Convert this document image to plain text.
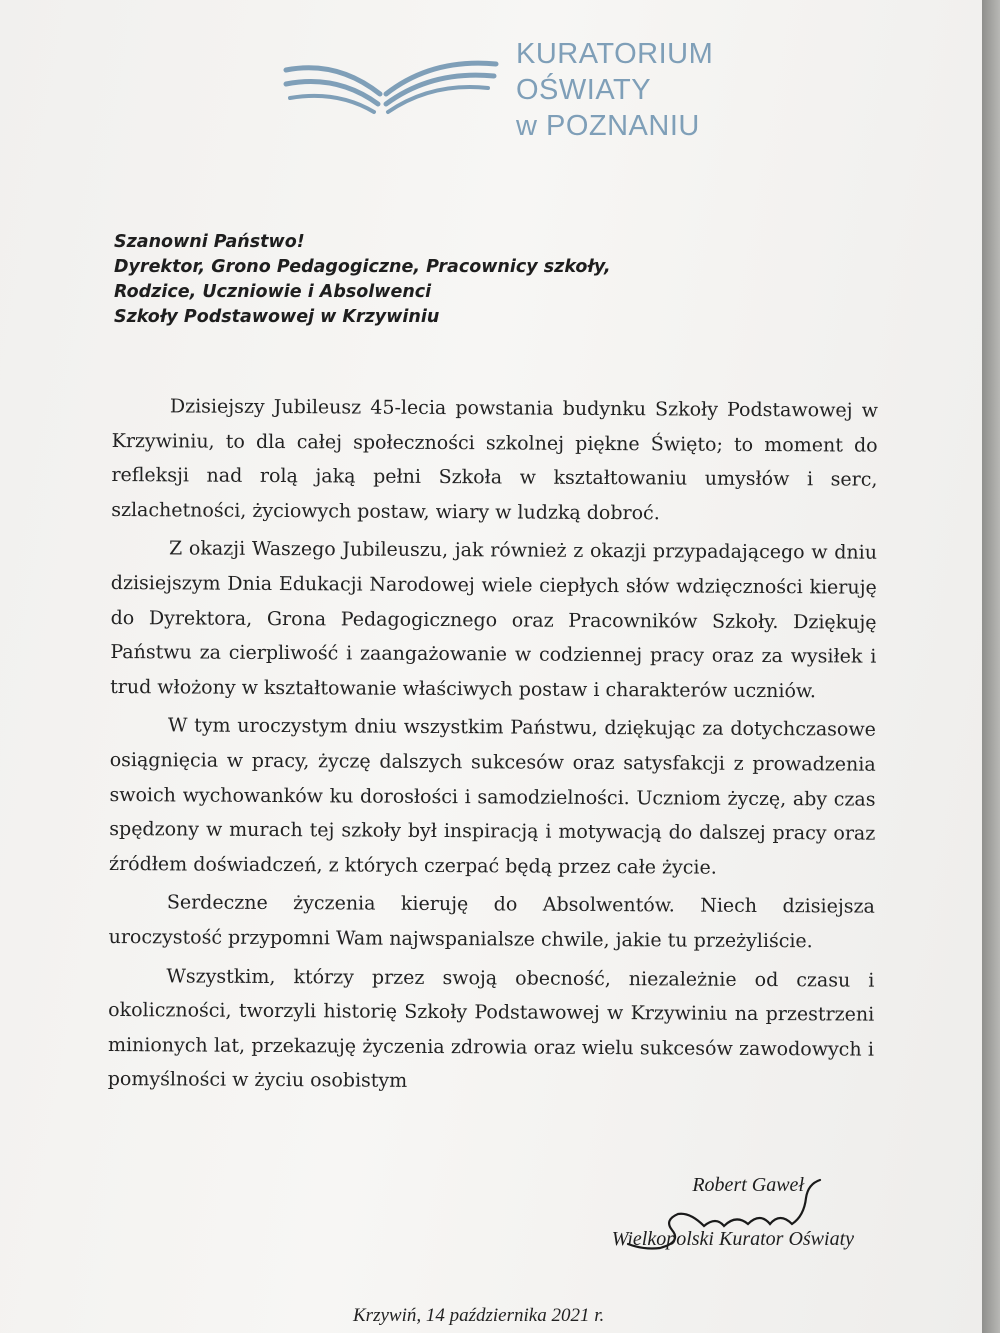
KURATORIUM
OŚWIATY
w POZNANIU
Szanowni Państwo!
Dyrektor, Grono Pedagogiczne, Pracownicy szkoły,
Rodzice, Uczniowie i Absolwenci
Szkoły Podstawowej w Krzywiniu

Dzisiejszy Jubileusz 45-lecia powstania budynku Szkoły Podstawowej w Krzywiniu, to dla całej społeczności szkolnej piękne Święto; to moment do refleksji nad rolą jaką pełni Szkoła w kształtowaniu umysłów i serc, szlachetności, życiowych postaw, wiary w ludzką dobroć.

Z okazji Waszego Jubileuszu, jak również z okazji przypadającego w dniu dzisiejszym Dnia Edukacji Narodowej wiele ciepłych słów wdzięczności kieruję do Dyrektora, Grona Pedagogicznego oraz Pracowników Szkoły. Dziękuję Państwu za cierpliwość i zaangażowanie w codziennej pracy oraz za wysiłek i trud włożony w kształtowanie właściwych postaw i charakterów uczniów.

W tym uroczystym dniu wszystkim Państwu, dziękując za dotychczasowe osiągnięcia w pracy, życzę dalszych sukcesów oraz satysfakcji z prowadzenia swoich wychowanków ku dorosłości i samodzielności. Uczniom życzę, aby czas spędzony w murach tej szkoły był inspiracją i motywacją do dalszej pracy oraz źródłem doświadczeń, z których czerpać będą przez całe życie.

Serdeczne życzenia kieruję do Absolwentów. Niech dzisiejsza uroczystość przypomni Wam najwspanialsze chwile, jakie tu przeżyliście.

Wszystkim, którzy przez swoją obecność, niezależnie od czasu i okoliczności, tworzyli historię Szkoły Podstawowej w Krzywiniu na przestrzeni minionych lat, przekazuję życzenia zdrowia oraz wielu sukcesów zawodowych i pomyślności w życiu osobistym

Robert Gaweł
Wielkopolski Kurator Oświaty
Krzywiń, 14 października 2021 r.
